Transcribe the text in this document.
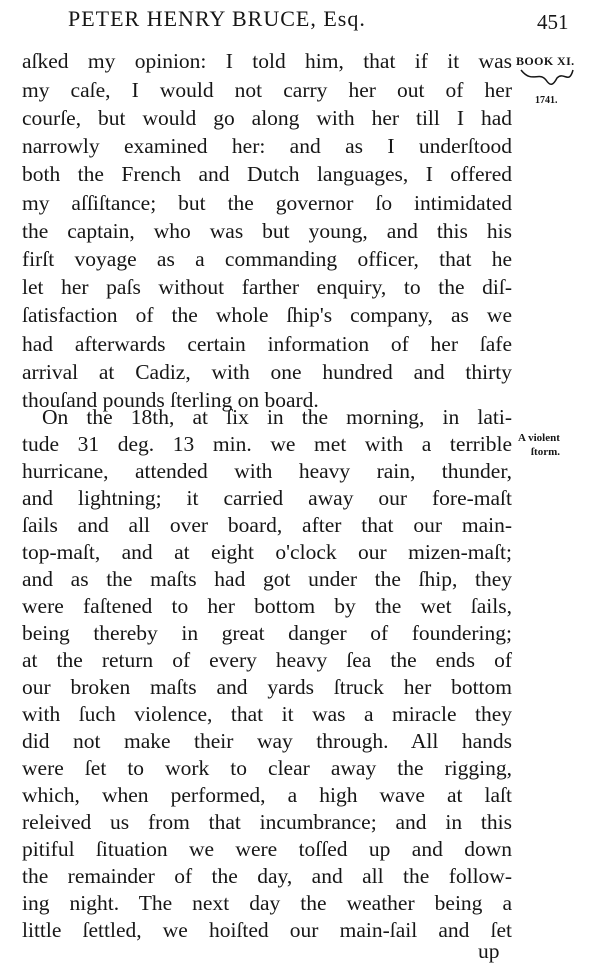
PETER HENRY BRUCE, Esq.	451
BOOK XI.
1741.
A violent
ſtorm.
aſked my opinion: I told him, that if it was
my caſe, I would not carry her out of her
courſe, but would go along with her till I had
narrowly examined her: and as I underſtood
both the French and Dutch languages, I offered
my aſſiſtance; but the governor ſo intimidated
the captain, who was but young, and this his
firſt voyage as a commanding officer, that he
let her paſs without farther enquiry, to the diſ-
ſatisfaction of the whole ſhip's company, as we
had afterwards certain information of her ſafe
arrival at Cadiz, with one hundred and thirty
thouſand pounds ſterling on board.
On the 18th, at ſix in the morning, in lati-
tude 31 deg. 13 min. we met with a terrible
hurricane, attended with heavy rain, thunder,
and lightning; it carried away our fore-maſt
ſails and all over board, after that our main-
top-maſt, and at eight o'clock our mizen-maſt;
and as the maſts had got under the ſhip, they
were faſtened to her bottom by the wet ſails,
being thereby in great danger of foundering;
at the return of every heavy ſea the ends of
our broken maſts and yards ſtruck her bottom
with ſuch violence, that it was a miracle they
did not make their way through. All hands
were ſet to work to clear away the rigging,
which, when performed, a high wave at laſt
releived us from that incumbrance; and in this
pitiful ſituation we were toſſed up and down
the remainder of the day, and all the follow-
ing night. The next day the weather being a
little ſettled, we hoiſted our main-ſail and ſet
up
